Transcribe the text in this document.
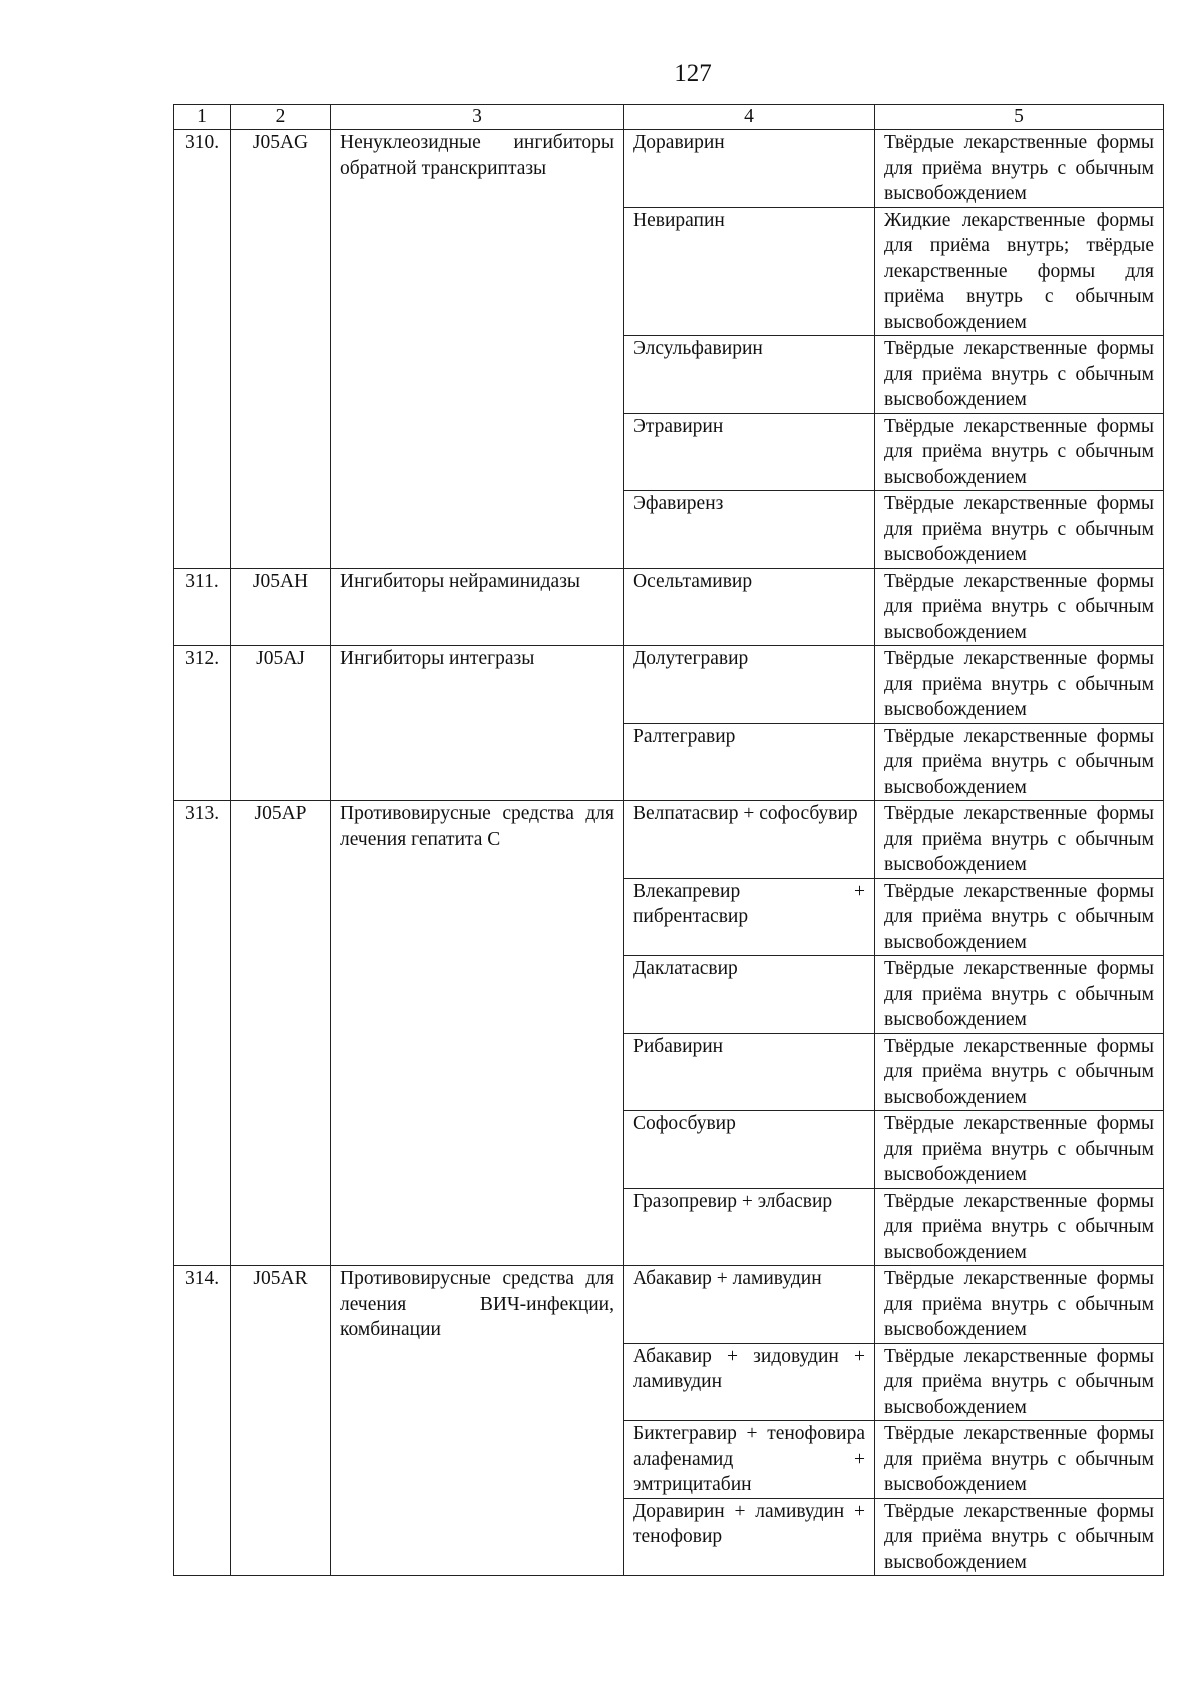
127
1	2	3	4	5
310.	J05AG	Ненуклеозидные ингибиторы обратной транскриптазы	Доравирин	Твёрдые лекарственные формы для приёма внутрь с обычным высвобождением
			Невирапин	Жидкие лекарственные формы для приёма внутрь; твёрдые лекарственные формы для приёма внутрь с обычным высвобождением
			Элсульфавирин	Твёрдые лекарственные формы для приёма внутрь с обычным высвобождением
			Этравирин	Твёрдые лекарственные формы для приёма внутрь с обычным высвобождением
			Эфавиренз	Твёрдые лекарственные формы для приёма внутрь с обычным высвобождением
311.	J05AH	Ингибиторы нейраминидазы	Осельтамивир	Твёрдые лекарственные формы для приёма внутрь с обычным высвобождением
312.	J05AJ	Ингибиторы интегразы	Долутегравир	Твёрдые лекарственные формы для приёма внутрь с обычным высвобождением
			Ралтегравир	Твёрдые лекарственные формы для приёма внутрь с обычным высвобождением
313.	J05AP	Противовирусные средства для лечения гепатита С	Велпатасвир + софосбувир	Твёрдые лекарственные формы для приёма внутрь с обычным высвобождением
			Влекапревир + пибрентасвир	Твёрдые лекарственные формы для приёма внутрь с обычным высвобождением
			Даклатасвир	Твёрдые лекарственные формы для приёма внутрь с обычным высвобождением
			Рибавирин	Твёрдые лекарственные формы для приёма внутрь с обычным высвобождением
			Софосбувир	Твёрдые лекарственные формы для приёма внутрь с обычным высвобождением
			Гразопревир + элбасвир	Твёрдые лекарственные формы для приёма внутрь с обычным высвобождением
314.	J05AR	Противовирусные средства для лечения ВИЧ-инфекции, комбинации	Абакавир + ламивудин	Твёрдые лекарственные формы для приёма внутрь с обычным высвобождением
			Абакавир + зидовудин + ламивудин	Твёрдые лекарственные формы для приёма внутрь с обычным высвобождением
			Биктегравир + тенофовира алафенамид + эмтрицитабин	Твёрдые лекарственные формы для приёма внутрь с обычным высвобождением
			Доравирин + ламивудин + тенофовир	Твёрдые лекарственные формы для приёма внутрь с обычным высвобождением
